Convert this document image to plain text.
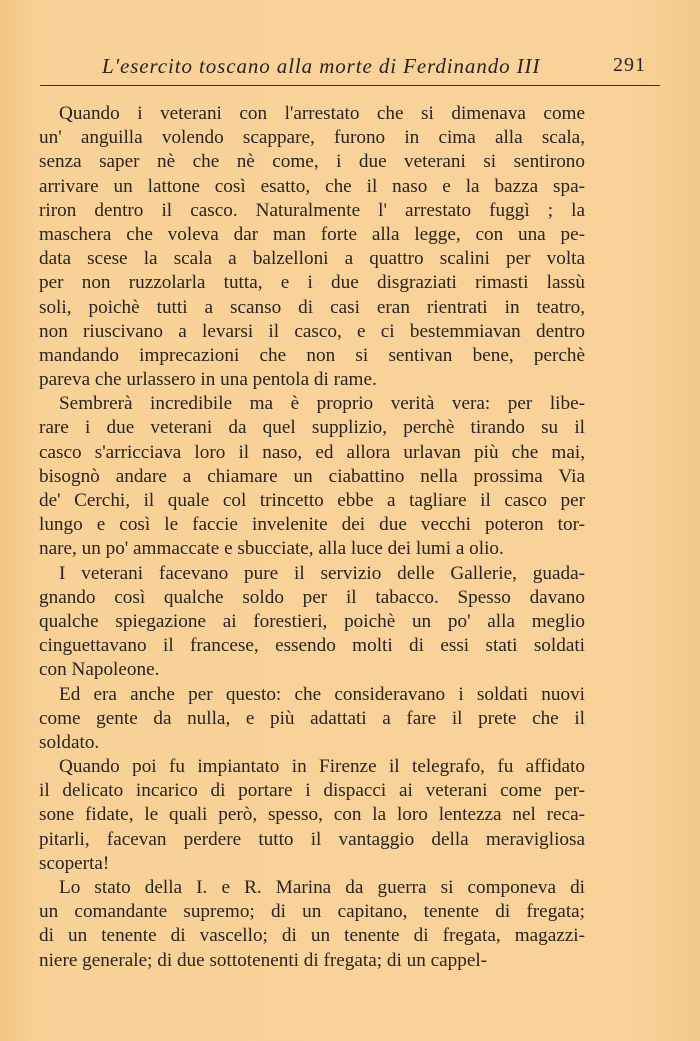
L'esercito toscano alla morte di Ferdinando III	291
Quando i veterani con l'arrestato che si dimenava come
un' anguilla volendo scappare, furono in cima alla scala,
senza saper nè che nè come, i due veterani si sentirono
arrivare un lattone così esatto, che il naso e la bazza spa-
riron dentro il casco. Naturalmente l' arrestato fuggì ; la
maschera che voleva dar man forte alla legge, con una pe-
data scese la scala a balzelloni a quattro scalini per volta
per non ruzzolarla tutta, e i due disgraziati rimasti lassù
soli, poichè tutti a scanso di casi eran rientrati in teatro,
non riuscivano a levarsi il casco, e ci bestemmiavan dentro
mandando imprecazioni che non si sentivan bene, perchè
pareva che urlassero in una pentola di rame.
Sembrerà incredibile ma è proprio verità vera: per libe-
rare i due veterani da quel supplizio, perchè tirando su il
casco s'arricciava loro il naso, ed allora urlavan più che mai,
bisognò andare a chiamare un ciabattino nella prossima Via
de' Cerchi, il quale col trincetto ebbe a tagliare il casco per
lungo e così le faccie invelenite dei due vecchi poteron tor-
nare, un po' ammaccate e sbucciate, alla luce dei lumi a olio.
I veterani facevano pure il servizio delle Gallerie, guada-
gnando così qualche soldo per il tabacco. Spesso davano
qualche spiegazione ai forestieri, poichè un po' alla meglio
cinguettavano il francese, essendo molti di essi stati soldati
con Napoleone.
Ed era anche per questo: che consideravano i soldati nuovi
come gente da nulla, e più adattati a fare il prete che il
soldato.
Quando poi fu impiantato in Firenze il telegrafo, fu affidato
il delicato incarico di portare i dispacci ai veterani come per-
sone fidate, le quali però, spesso, con la loro lentezza nel reca-
pitarli, facevan perdere tutto il vantaggio della meravigliosa
scoperta!
Lo stato della I. e R. Marina da guerra si componeva di
un comandante supremo; di un capitano, tenente di fregata;
di un tenente di vascello; di un tenente di fregata, magazzi-
niere generale; di due sottotenenti di fregata; di un cappel-
